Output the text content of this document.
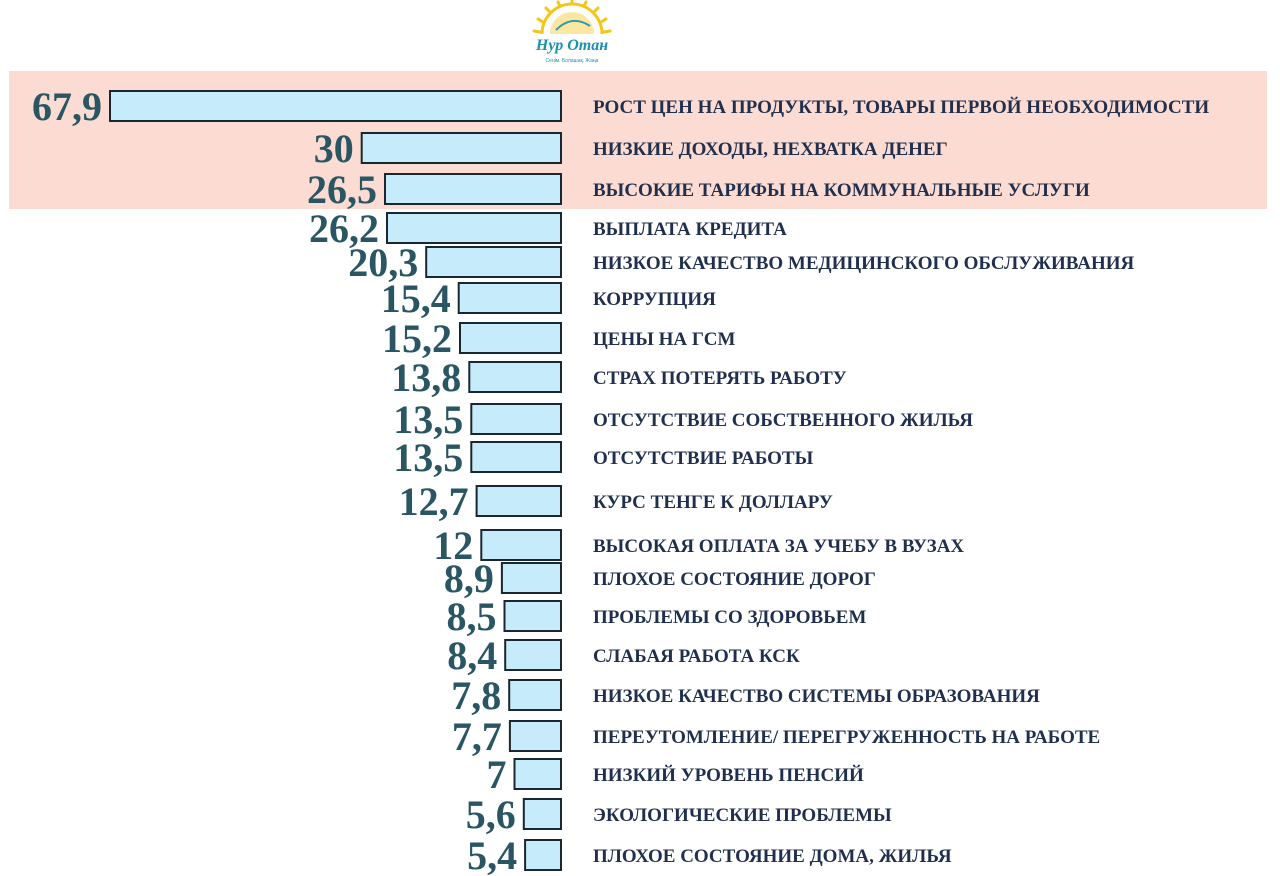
Нур Отан
Сенім. Болашақ. Жаңа
67,9	РОСТ ЦЕН НА ПРОДУКТЫ, ТОВАРЫ ПЕРВОЙ НЕОБХОДИМОСТИ
30	НИЗКИЕ ДОХОДЫ, НЕХВАТКА ДЕНЕГ
26,5	ВЫСОКИЕ ТАРИФЫ НА КОММУНАЛЬНЫЕ УСЛУГИ
26,2	ВЫПЛАТА КРЕДИТА
20,3	НИЗКОЕ КАЧЕСТВО МЕДИЦИНСКОГО ОБСЛУЖИВАНИЯ
15,4	КОРРУПЦИЯ
15,2	ЦЕНЫ НА ГСМ
13,8	СТРАХ ПОТЕРЯТЬ РАБОТУ
13,5	ОТСУТСТВИЕ СОБСТВЕННОГО ЖИЛЬЯ
13,5	ОТСУТСТВИЕ РАБОТЫ
12,7	КУРС ТЕНГЕ К ДОЛЛАРУ
12	ВЫСОКАЯ ОПЛАТА ЗА УЧЕБУ В ВУЗАХ
8,9	ПЛОХОЕ СОСТОЯНИЕ ДОРОГ
8,5	ПРОБЛЕМЫ СО ЗДОРОВЬЕМ
8,4	СЛАБАЯ РАБОТА КСК
7,8	НИЗКОЕ КАЧЕСТВО СИСТЕМЫ ОБРАЗОВАНИЯ
7,7	ПЕРЕУТОМЛЕНИЕ/ ПЕРЕГРУЖЕННОСТЬ НА РАБОТЕ
7	НИЗКИЙ УРОВЕНЬ ПЕНСИЙ
5,6	ЭКОЛОГИЧЕСКИЕ ПРОБЛЕМЫ
5,4	ПЛОХОЕ СОСТОЯНИЕ ДОМА, ЖИЛЬЯ
